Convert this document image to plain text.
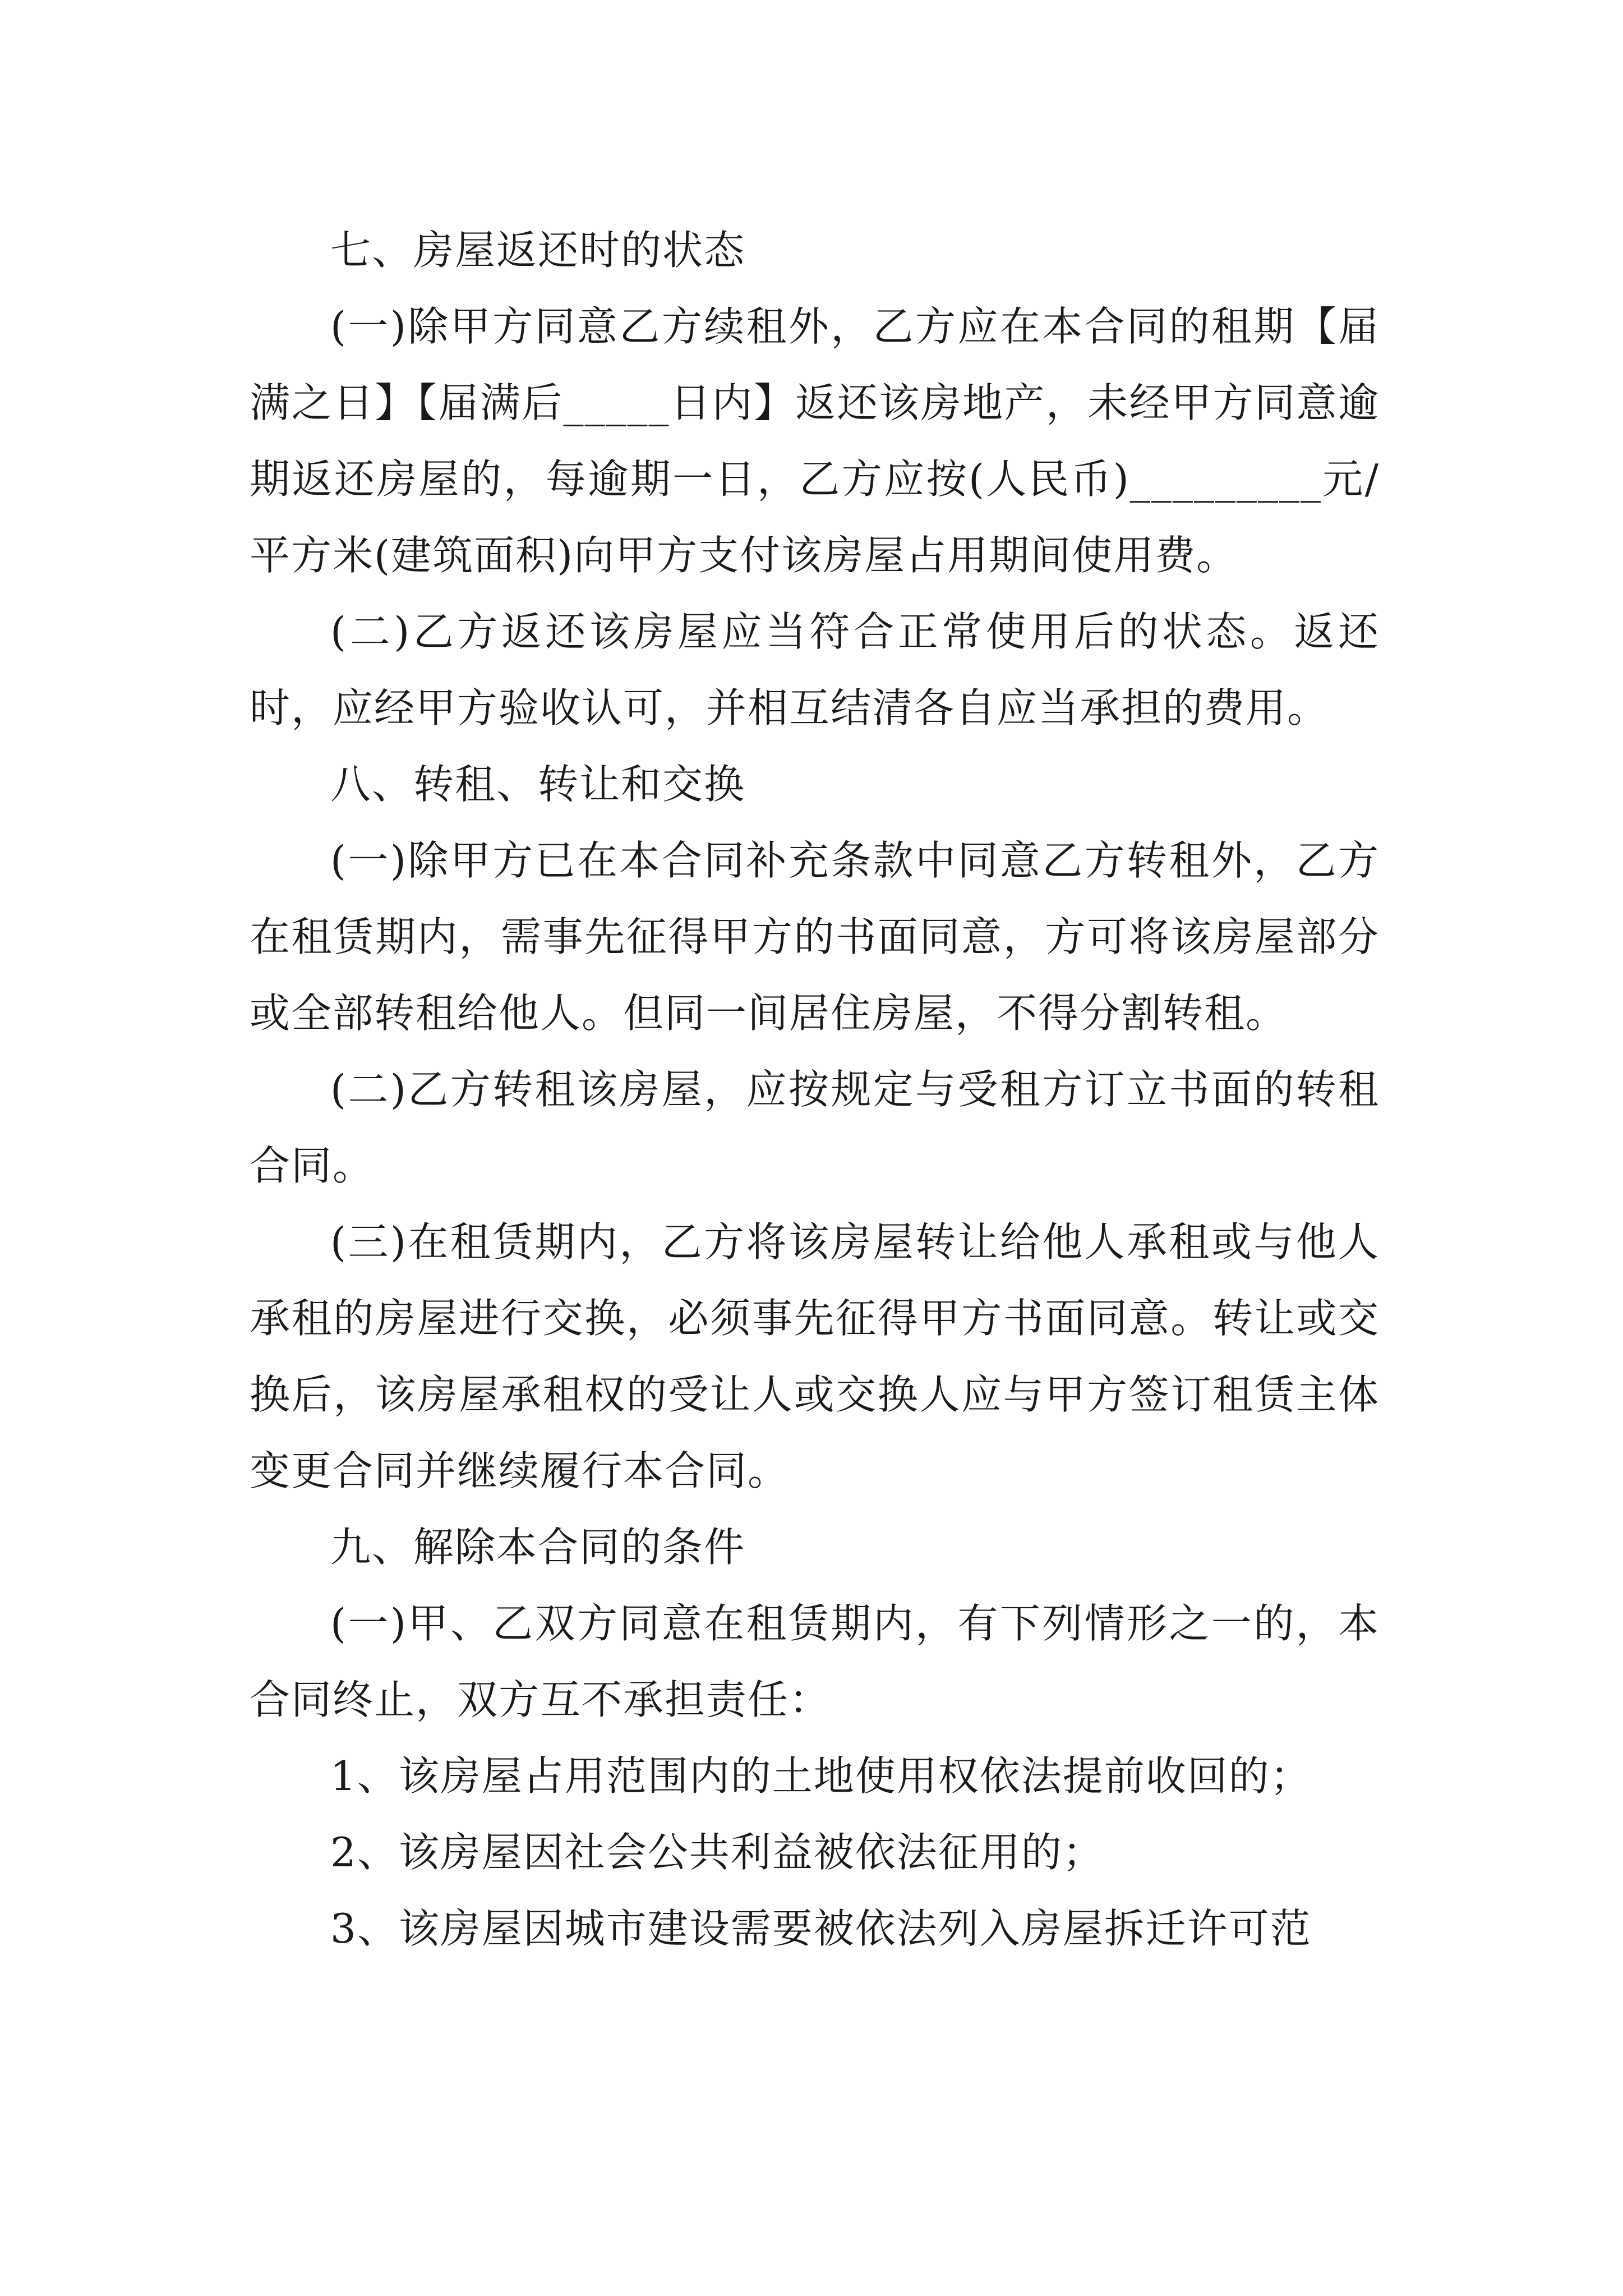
七、房屋返还时的状态

(一)除甲方同意乙方续租外，乙方应在本合同的租期【届满之日】【届满后_____日内】返还该房地产，未经甲方同意逾期返还房屋的，每逾期一日，乙方应按(人民币)_________元/平方米(建筑面积)向甲方支付该房屋占用期间使用费。

(二)乙方返还该房屋应当符合正常使用后的状态。返还时，应经甲方验收认可，并相互结清各自应当承担的费用。

八、转租、转让和交换

(一)除甲方已在本合同补充条款中同意乙方转租外，乙方在租赁期内，需事先征得甲方的书面同意，方可将该房屋部分或全部转租给他人。但同一间居住房屋，不得分割转租。

(二)乙方转租该房屋，应按规定与受租方订立书面的转租合同。

(三)在租赁期内，乙方将该房屋转让给他人承租或与他人承租的房屋进行交换，必须事先征得甲方书面同意。转让或交换后，该房屋承租权的受让人或交换人应与甲方签订租赁主体变更合同并继续履行本合同。

九、解除本合同的条件

(一)甲、乙双方同意在租赁期内，有下列情形之一的，本合同终止，双方互不承担责任：

1、该房屋占用范围内的土地使用权依法提前收回的；

2、该房屋因社会公共利益被依法征用的；

3、该房屋因城市建设需要被依法列入房屋拆迁许可范
